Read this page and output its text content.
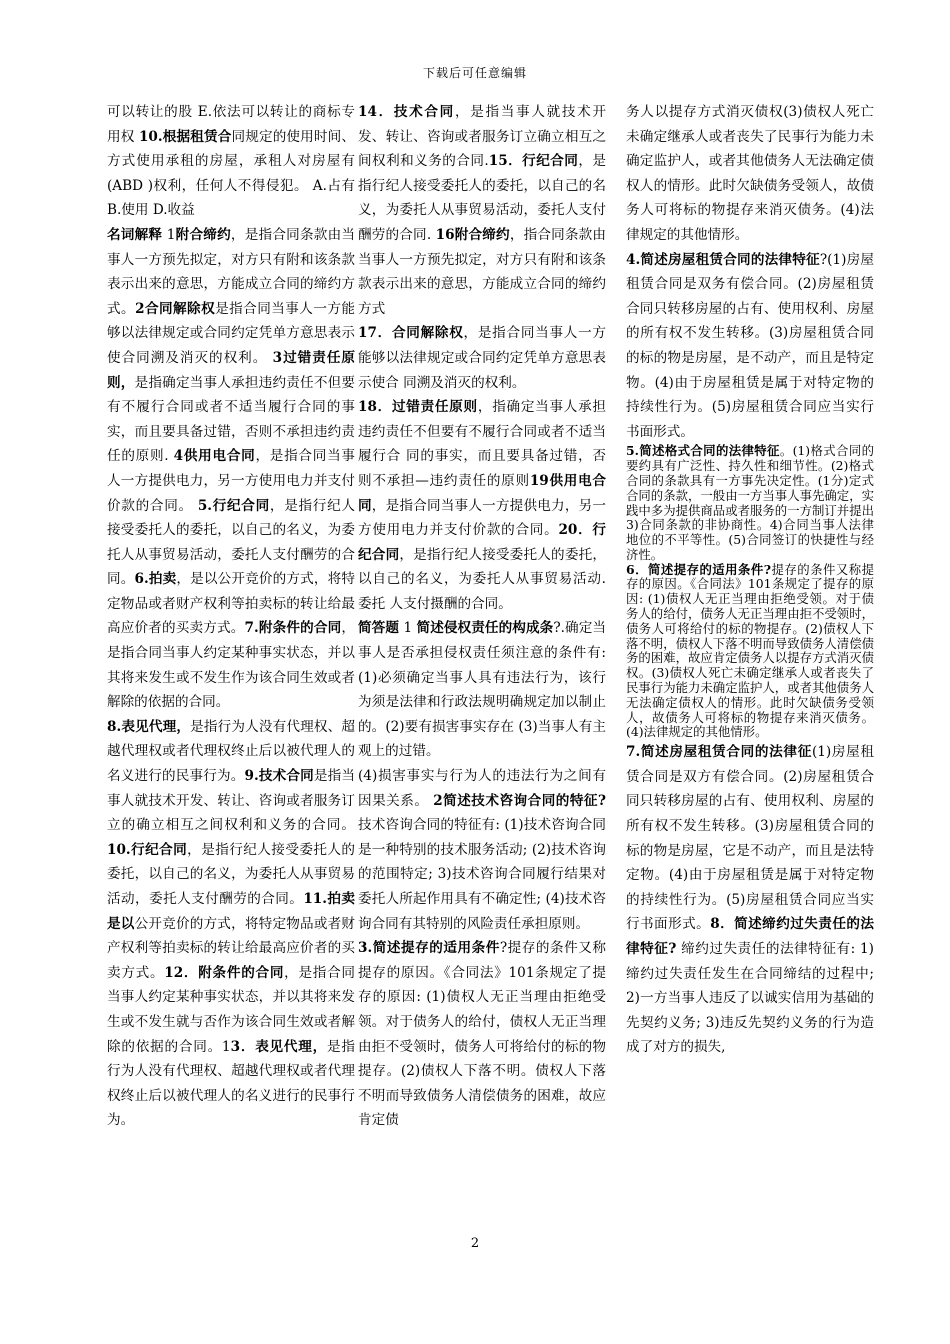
下载后可任意编辑

可以转让的股 E.依法可以转让的商标专用权 10.根据租赁合同规定的使用时间、方式使用承租的房屋，承租人对房屋有(ABD )权利，任何人不得侵犯。 A.占有 B.使用 D.收益

名词解释 1附合缔约，是指合同条款由当事人一方预先拟定，对方只有附和该条款表示出来的意思，方能成立合同的缔约方式。2合同解除权是指合同当事人一方能够以法律规定或合同约定凭单方意思表示使合同溯及消灭的权利。 3过错责任原则，是指确定当事人承担违约责任不但要有不履行合同或者不适当履行合同的事实，而且要具备过错，否则不承担违约责任的原则. 4供用电合同，是指合同当事人一方提供电力，另一方使用电力并支付价款的合同。 5.行纪合同，是指行纪人接受委托人的委托，以自己的名义，为委托人从事贸易活动，委托人支付酬劳的合同。6.拍卖，是以公开竞价的方式，将特定物品或者财产权利等拍卖标的转让给最高应价者的买卖方式。7.附条件的合同，是指合同当事人约定某种事实状态，并以其将来发生或不发生作为该合同生效或者解除的依据的合同。

8.表见代理，是指行为人没有代理权、超越代理权或者代理权终止后以被代理人的名义进行的民事行为。9.技术合同是指当事人就技术开发、转让、咨询或者服务订立的确立相互之间权利和义务的合同。10.行纪合同，是指行纪人接受委托人的委托，以自己的名义，为委托人从事贸易活动，委托人支付酬劳的合同。11.拍卖是以公开竞价的方式，将特定物品或者财产权利等拍卖标的转让给最高应价者的买卖方式。12．附条件的合同，是指合同当事人约定某种事实状态，并以其将来发生或不发生就与否作为该合同生效或者解除的依据的合同。13．表见代理，是指行为人没有代理权、超越代理权或者代理权终止后以被代理人的名义进行的民事行为。

14．技术合同，是指当事人就技术开发、转让、咨询或者服务订立确立相互之间权利和义务的合同.15．行纪合同，是指行纪人接受委托人的委托，以自己的名义，为委托人从事贸易活动，委托人支付酬劳的合同. 16附合缔约，指合同条款由当事人一方预先拟定，对方只有附和该条款表示出来的意思，方能成立合同的缔约方式

17．合同解除权，是指合同当事人一方能够以法律规定或合同约定凭单方意思表示使合 同溯及消灭的权利。

18．过错责任原则，指确定当事人承担违约责任不但要有不履行合同或者不适当履行合 同的事实，而且要具备过错，否则不承担—违约责任的原则19供用电合同，是指合同当事人一方提供电力，另一方使用电力并支付价款的合同。20．行纪合同，是指行纪人接受委托人的委托，以自己的名义，为委托人从事贸易活动. 委托 人支付摄酬的合同。

简答题 1 简述侵权责任的构成条?.确定当事人是否承担侵权责任须注意的条件有:(1)必须确定当事人具有违法行为，该行为须是法律和行政法规明确规定加以制止的。(2)要有损害事实存在 (3)当事人有主观上的过错。

(4)损害事实与行为人的违法行为之间有因果关系。 2简述技术咨询合同的特征?技术咨询合同的特征有: (1)技术咨询合同是一种特别的技术服务活动; (2)技术咨询的范围特定; 3)技术咨询合同履行结果对委托人所起作用具有不确定性; (4)技术咨询合同有其特别的风险责任承担原则。

3.简述提存的适用条件?提存的条件又称提存的原因。《合同法》101条规定了提存的原因: (1)债权人无正当理由拒绝受领。对于债务人的给付，债权人无正当理由拒不受领时，债务人可将给付的标的物提存。(2)债权人下落不明。债权人下落不明而导致债务人清偿债务的困难，故应肯定债

务人以提存方式消灭债权(3)债权人死亡未确定继承人或者丧失了民事行为能力未确定监护人，或者其他债务人无法确定债权人的情形。此时欠缺债务受领人，故债务人可将标的物提存来消灭债务。(4)法律规定的其他情形。

4.简述房屋租赁合同的法律特征?(1)房屋租赁合同是双务有偿合同。(2)房屋租赁合同只转移房屋的占有、使用权利、房屋的所有权不发生转移。(3)房屋租赁合同的标的物是房屋，是不动产，而且是特定物。(4)由于房屋租赁是属于对特定物的持续性行为。(5)房屋租赁合同应当实行书面形式。

5.简述格式合同的法律特征。(1)格式合同的要约具有广泛性、持久性和细节性。(2)格式合同的条款具有一方事先决定性。(1分)定式合同的条款，一般由一方当事人事先确定，实践中多为提供商品或者服务的一方制订并提出 3)合同条款的非协商性。4)合同当事人法律地位的不平等性。(5)合同签订的快捷性与经济性。

6．简述提存的适用条件?提存的条件又称提存的原因。《合同法》101条规定了提存的原因: (1)债权人无正当理由拒绝受领。对于债务人的给付，债务人无正当理由拒不受领时，债务人可将给付的标的物提存。(2)债权人下落不明，债权人下落不明而导致债务人清偿债务的困难，故应肯定债务人以提存方式消灭债权。(3)债权人死亡未确定继承人或者丧失了民事行为能力未确定监护人，或者其他债务人无法确定债权人的情形。此时欠缺债务受领人，故债务人可将标的物提存来消灭债务。(4)法律规定的其他情形。

7.简述房屋租赁合同的法律征(1)房屋租赁合同是双方有偿合同。(2)房屋租赁合同只转移房屋的占有、使用权利、房屋的所有权不发生转移。(3)房屋租赁合同的标的物是房屋，它是不动产，而且是法特定物。(4)由于房屋租赁是属于对特定物的持续性行为。(5)房屋租赁合同应当实行书面形式。8．简述缔约过失责任的法律特征? 缔约过失责任的法律特征有: 1)缔约过失责任发生在合同缔结的过程中; 2)一方当事人违反了以诚实信用为基础的先契约义务; 3)违反先契约义务的行为造成了对方的损失,

2
